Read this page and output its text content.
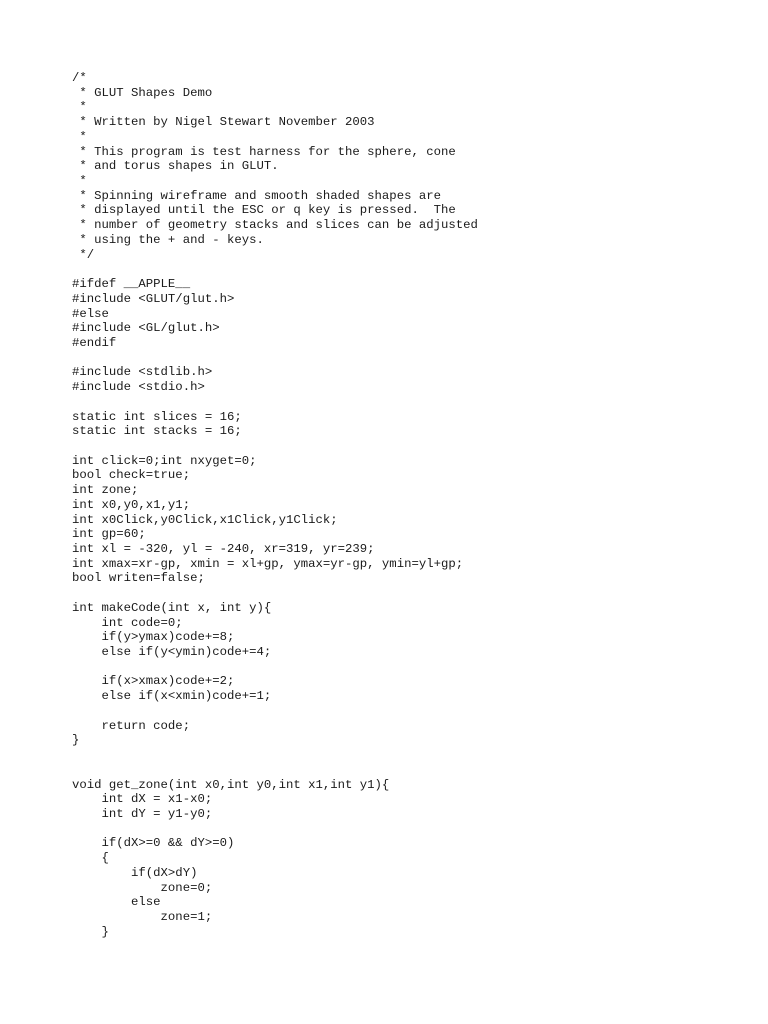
/*
* GLUT Shapes Demo
*
* Written by Nigel Stewart November 2003
*
* This program is test harness for the sphere, cone
* and torus shapes in GLUT.
*
* Spinning wireframe and smooth shaded shapes are
* displayed until the ESC or q key is pressed.  The
* number of geometry stacks and slices can be adjusted
* using the + and - keys.
*/
#ifdef __APPLE__
#include <GLUT/glut.h>
#else
#include <GL/glut.h>
#endif
#include <stdlib.h>
#include <stdio.h>
static int slices = 16;
static int stacks = 16;
int click=0;int nxyget=0;
bool check=true;
int zone;
int x0,y0,x1,y1;
int x0Click,y0Click,x1Click,y1Click;
int gp=60;
int xl = -320, yl = -240, xr=319, yr=239;
int xmax=xr-gp, xmin = xl+gp, ymax=yr-gp, ymin=yl+gp;
bool writen=false;
int makeCode(int x, int y){
int code=0;
if(y>ymax)code+=8;
else if(y<ymin)code+=4;
if(x>xmax)code+=2;
else if(x<xmin)code+=1;
return code;
}
void get_zone(int x0,int y0,int x1,int y1){
int dX = x1-x0;
int dY = y1-y0;
if(dX>=0 && dY>=0)
{
if(dX>dY)
zone=0;
else
zone=1;
}
